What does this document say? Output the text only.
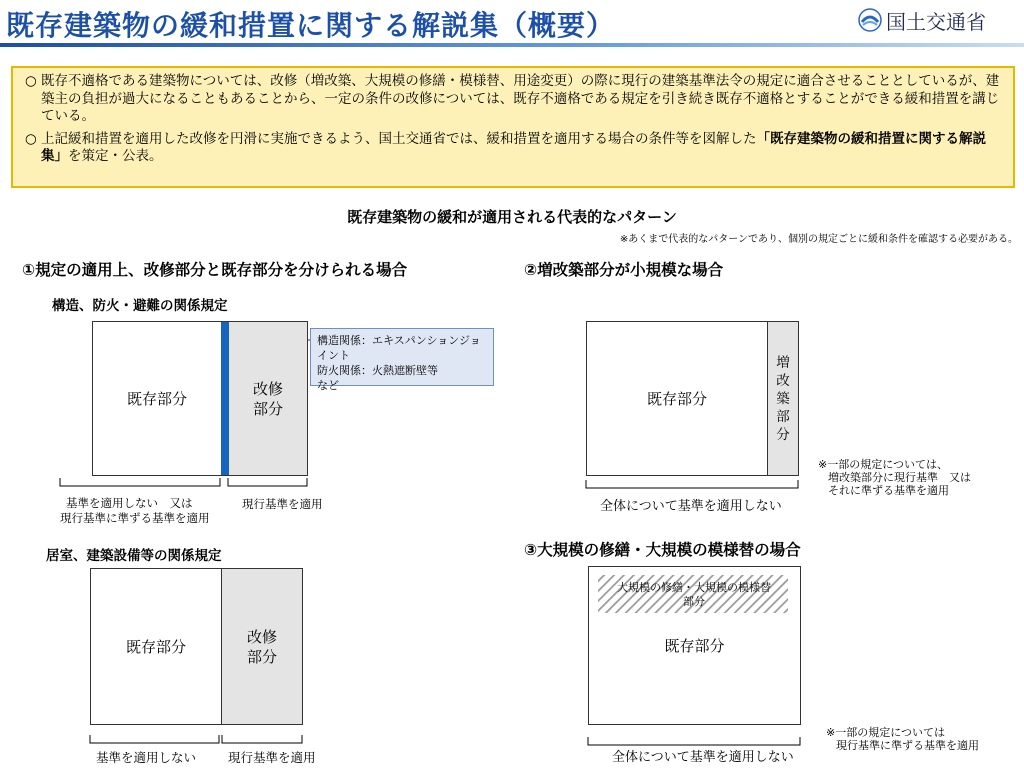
既存建築物の緩和措置に関する解説集（概要）	国土交通省
○ 既存不適格である建築物については、改修（増改築、大規模の修繕・模様替、用途変更）の際に現行の建築基準法令の規定に適合させることとしているが、建築主の負担が過大になることもあることから、一定の条件の改修については、既存不適格である規定を引き続き既存不適格とすることができる緩和措置を講じている。
○ 上記緩和措置を適用した改修を円滑に実施できるよう、国土交通省では、緩和措置を適用する場合の条件等を図解した「既存建築物の緩和措置に関する解説集」を策定・公表。
既存建築物の緩和が適用される代表的なパターン
※あくまで代表的なパターンであり、個別の規定ごとに緩和条件を確認する必要がある。
①規定の適用上、改修部分と既存部分を分けられる場合
構造、防火・避難の関係規定
既存部分
改修
部分
構造関係：エキスパンションジョイント
防火関係：火熱遮断壁等
など
基準を適用しない　又は
現行基準に準ずる基準を適用
現行基準を適用
居室、建築設備等の関係規定
既存部分
改修
部分
基準を適用しない	現行基準を適用
②増改築部分が小規模な場合
既存部分
増
改
築
部
分
全体について基準を適用しない
※一部の規定については、
増改築部分に現行基準　又は
それに準ずる基準を適用
③大規模の修繕・大規模の模様替の場合
大規模の修繕・大規模の模様替
部分
既存部分
全体について基準を適用しない
※一部の規定については
現行基準に準ずる基準を適用
